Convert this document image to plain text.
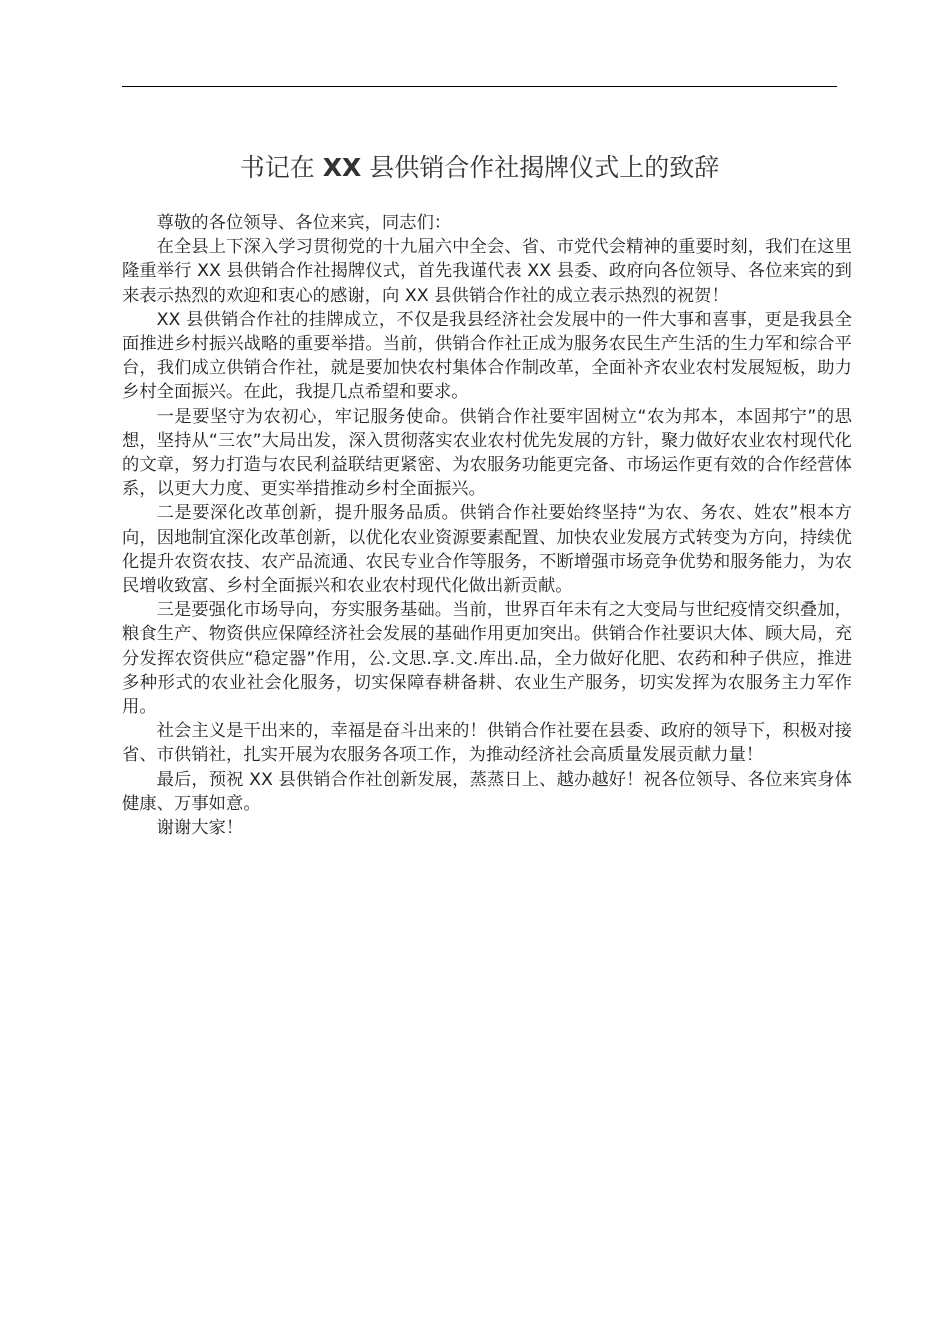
书记在 XX 县供销合作社揭牌仪式上的致辞

尊敬的各位领导、各位来宾，同志们：

在全县上下深入学习贯彻党的十九届六中全会、省、市党代会精神的重要时刻，我们在这里隆重举行 XX 县供销合作社揭牌仪式，首先我谨代表 XX 县委、政府向各位领导、各位来宾的到来表示热烈的欢迎和衷心的感谢，向 XX 县供销合作社的成立表示热烈的祝贺！

XX 县供销合作社的挂牌成立，不仅是我县经济社会发展中的一件大事和喜事，更是我县全面推进乡村振兴战略的重要举措。当前，供销合作社正成为服务农民生产生活的生力军和综合平台，我们成立供销合作社，就是要加快农村集体合作制改革，全面补齐农业农村发展短板，助力乡村全面振兴。在此，我提几点希望和要求。

一是要坚守为农初心，牢记服务使命。供销合作社要牢固树立“农为邦本，本固邦宁”的思想，坚持从“三农”大局出发，深入贯彻落实农业农村优先发展的方针，聚力做好农业农村现代化的文章，努力打造与农民利益联结更紧密、为农服务功能更完备、市场运作更有效的合作经营体系，以更大力度、更实举措推动乡村全面振兴。

二是要深化改革创新，提升服务品质。供销合作社要始终坚持“为农、务农、姓农”根本方向，因地制宜深化改革创新，以优化农业资源要素配置、加快农业发展方式转变为方向，持续优化提升农资农技、农产品流通、农民专业合作等服务，不断增强市场竞争优势和服务能力，为农民增收致富、乡村全面振兴和农业农村现代化做出新贡献。

三是要强化市场导向，夯实服务基础。当前，世界百年未有之大变局与世纪疫情交织叠加，粮食生产、物资供应保障经济社会发展的基础作用更加突出。供销合作社要识大体、顾大局，充分发挥农资供应“稳定器”作用，公.文思.享.文.库出.品，全力做好化肥、农药和种子供应，推进多种形式的农业社会化服务，切实保障春耕备耕、农业生产服务，切实发挥为农服务主力军作用。

社会主义是干出来的，幸福是奋斗出来的！供销合作社要在县委、政府的领导下，积极对接省、市供销社，扎实开展为农服务各项工作，为推动经济社会高质量发展贡献力量！

最后，预祝 XX 县供销合作社创新发展，蒸蒸日上、越办越好！祝各位领导、各位来宾身体健康、万事如意。

谢谢大家！
